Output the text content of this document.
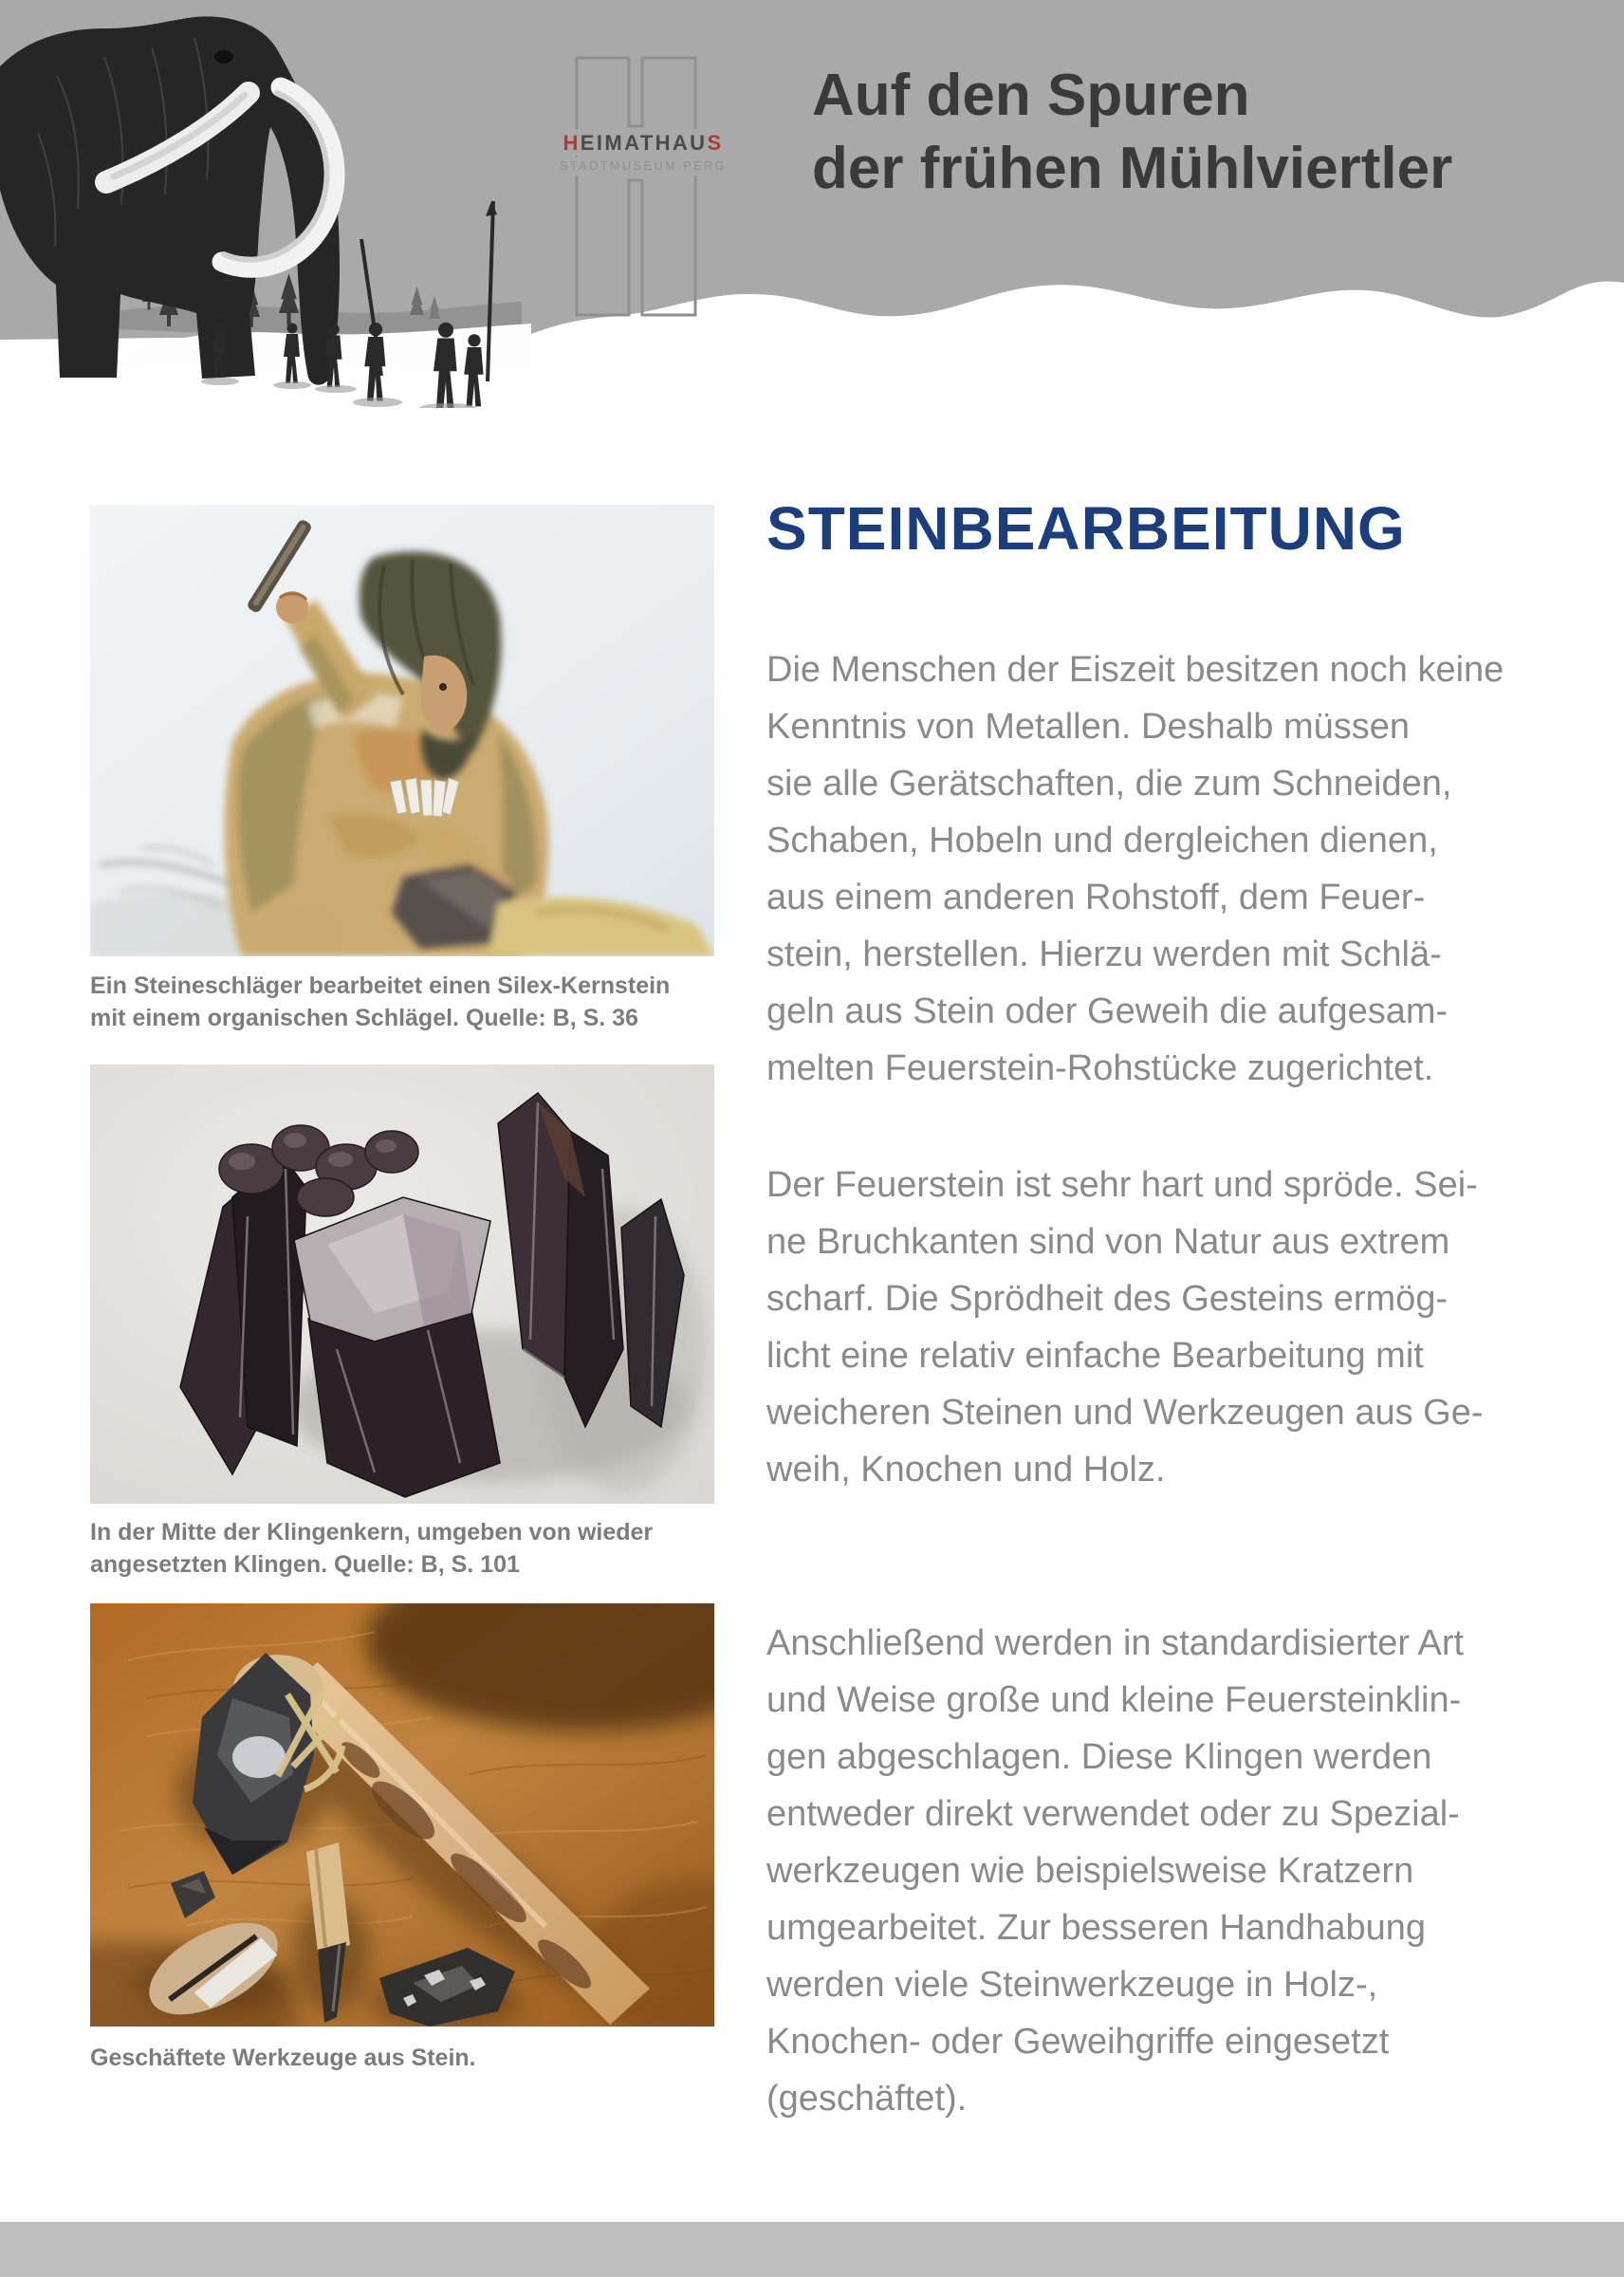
HEIMATHAUS
STADTMUSEUM PERG
Auf den Spuren
der frühen Mühlviertler
STEINBEARBEITUNG

Die Menschen der Eiszeit besitzen noch keine
Kenntnis von Metallen. Deshalb müssen
sie alle Gerätschaften, die zum Schneiden,
Schaben, Hobeln und dergleichen dienen,
aus einem anderen Rohstoff, dem Feuer-
stein, herstellen. Hierzu werden mit Schlä-
geln aus Stein oder Geweih die aufgesam-
melten Feuerstein-Rohstücke zugerichtet.

Der Feuerstein ist sehr hart und spröde. Sei-
ne Bruchkanten sind von Natur aus extrem
scharf. Die Sprödheit des Gesteins ermög-
licht eine relativ einfache Bearbeitung mit
weicheren Steinen und Werkzeugen aus Ge-
weih, Knochen und Holz.

Anschließend werden in standardisierter Art
und Weise große und kleine Feuersteinklin-
gen abgeschlagen. Diese Klingen werden
entweder direkt verwendet oder zu Spezial-
werkzeugen wie beispielsweise Kratzern
umgearbeitet. Zur besseren Handhabung
werden viele Steinwerkzeuge in Holz-,
Knochen- oder Geweihgriffe eingesetzt
(geschäftet).

Ein Steineschläger bearbeitet einen Silex-Kernstein mit einem organischen Schlägel. Quelle: B, S. 36
In der Mitte der Klingenkern, umgeben von wieder angesetzten Klingen. Quelle: B, S. 101
Geschäftete Werkzeuge aus Stein.
